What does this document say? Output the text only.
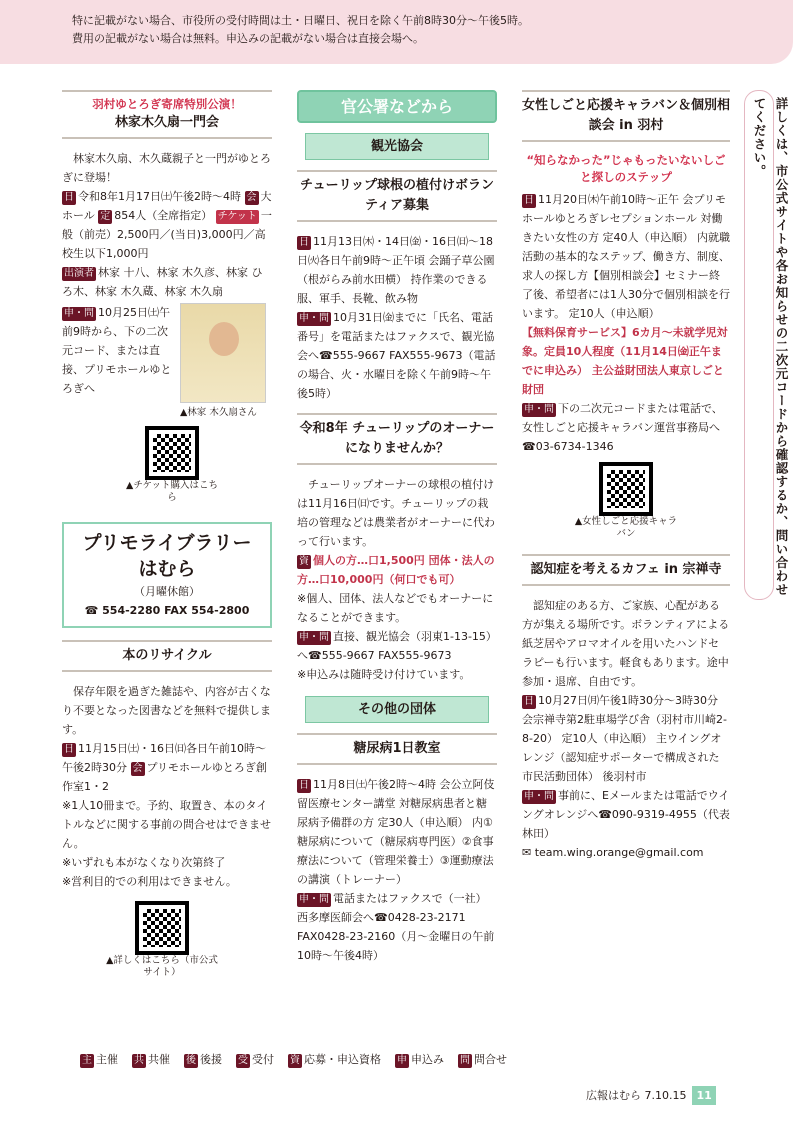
特に記載がない場合、市役所の受付時間は土・日曜日、祝日を除く午前8時30分～午後5時。

費用の記載がない場合は無料。申込みの記載がない場合は直接会場へ。

羽村ゆとろぎ寄席特別公演！
林家木久扇一門会

林家木久扇、木久蔵親子と一門がゆとろぎに登場！

日 令和8年1月17日㈯午後2時～4時 会 大ホール 定 854人（全席指定） チケット 一般（前売）2,500円／(当日)3,000円／高校生以下1,000円

出演者 林家 十八、林家 木久彦、林家 ひろ木、林家 木久蔵、林家 木久扇

申・問 10月25日㈯午前9時から、下の二次元コード、または直接、プリモホールゆとろぎへ

▲林家 木久扇さん
▲チケット購入はこちら
プリモライブラリー
はむら
（月曜休館）
☎ 554-2280 FAX 554-2800
本のリサイクル

保存年限を過ぎた雑誌や、内容が古くなり不要となった図書などを無料で提供します。

日 11月15日㈯・16日㈰各日午前10時～午後2時30分 会 プリモホールゆとろぎ創作室1・2

※1人10冊まで。予約、取置き、本のタイトルなどに関する事前の問合せはできません。

※いずれも本がなくなり次第終了

※営利目的での利用はできません。

▲詳しくはこちら（市公式サイト）
官公署などから
観光協会
チューリップ球根の植付けボランティア募集

日 11月13日㈭・14日㈮・16日㈰～18日㈫各日午前9時～正午頃 会踊子草公園（根がらみ前水田横） 持作業のできる服、軍手、長靴、飲み物

申・問 10月31日㈮までに「氏名、電話番号」を電話またはファクスで、観光協会へ☎555-9667 FAX555-9673（電話の場合、火・水曜日を除く午前9時～午後5時）

令和8年 チューリップのオーナーになりませんか？

チューリップオーナーの球根の植付けは11月16日㈰です。チューリップの栽培の管理などは農業者がオーナーに代わって行います。

資 個人の方…口1,500円 団体・法人の方…口10,000円（何口でも可）

※個人、団体、法人などでもオーナーになることができます。

申・問 直接、観光協会（羽東1-13-15）へ☎555-9667 FAX555-9673

※申込みは随時受け付けています。

その他の団体
糖尿病1日教室

日 11月8日㈯午後2時～4時 会公立阿伎留医療センター講堂 対糖尿病患者と糖尿病予備群の方 定30人（申込順） 内①糖尿病について（糖尿病専門医）②食事療法について（管理栄養士）③運動療法の講演（トレーナー）

申・問 電話またはファクスで（一社）西多摩医師会へ☎0428-23-2171 FAX0428-23-2160（月～金曜日の午前10時～午後4時）

女性しごと応援キャラバン＆個別相談会 in 羽村
“知らなかった”じゃもったいないしごと探しのステップ

日 11月20日㈭午前10時～正午 会プリモホールゆとろぎレセプションホール 対働きたい女性の方 定40人（申込順） 内就職活動の基本的なステップ、働き方、制度、求人の探し方【個別相談会】セミナー終了後、希望者には1人30分で個別相談を行います。 定10人（申込順）

【無料保育サービス】6カ月～未就学児対象。定員10人程度（11月14日㈮正午までに申込み） 主公益財団法人東京しごと財団

申・問 下の二次元コードまたは電話で、女性しごと応援キャラバン運営事務局へ☎03-6734-1346

▲女性しごと応援キャラバン
認知症を考えるカフェ in 宗禅寺

認知症のある方、ご家族、心配がある方が集える場所です。ボランティアによる紙芝居やアロマオイルを用いたハンドセラピーも行います。軽食もあります。途中参加・退席、自由です。

日 10月27日㈪午後1時30分～3時30分 会宗禅寺第2駐車場学び舎（羽村市川崎2-8-20） 定10人（申込順） 主ウイングオレンジ（認知症サポーターで構成された市民活動団体） 後羽村市

申・問 事前に、Eメールまたは電話でウイングオレンジへ☎090-9319-4955（代表 林田）

✉ team.wing.orange@gmail.com

詳しくは、市公式サイトや各お知らせの二次元コードから確認するか、問い合わせてください。
主 主催 共 共催 後 後援 受 受付 資 応募・申込資格 申 申込み 問 問合せ
広報はむら 7.10.15 11
